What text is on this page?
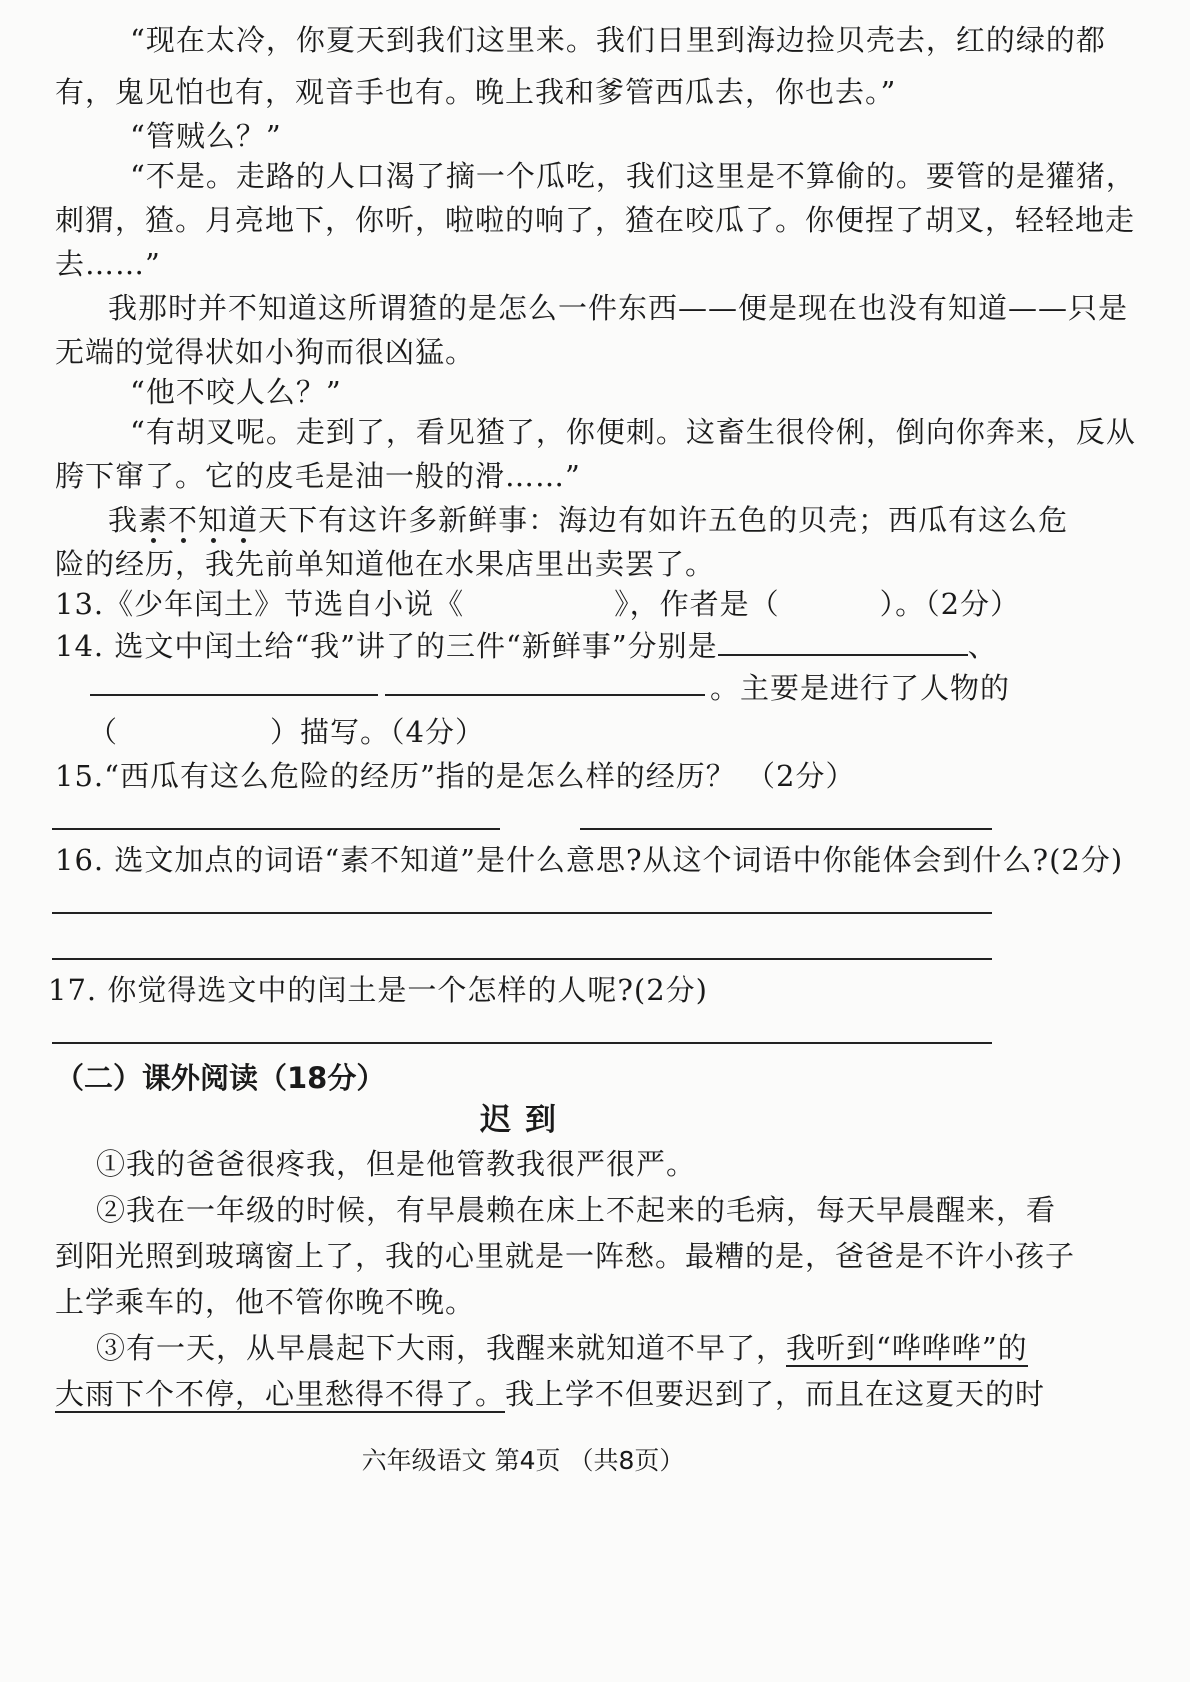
“现在太冷，你夏天到我们这里来。我们日里到海边捡贝壳去，红的绿的都
有，鬼见怕也有，观音手也有。晚上我和爹管西瓜去，你也去。”
“管贼么？”
“不是。走路的人口渴了摘一个瓜吃，我们这里是不算偷的。要管的是獾猪，
刺猬，猹。月亮地下，你听，啦啦的响了，猹在咬瓜了。你便捏了胡叉，轻轻地走
去……”
我那时并不知道这所谓猹的是怎么一件东西——便是现在也没有知道——只是
无端的觉得状如小狗而很凶猛。
“他不咬人么？”
“有胡叉呢。走到了，看见猹了，你便刺。这畜生很伶俐，倒向你奔来，反从
胯下窜了。它的皮毛是油一般的滑……”
我素不知道天下有这许多新鲜事：海边有如许五色的贝壳；西瓜有这么危
险的经历，我先前单知道他在水果店里出卖罢了。
13.《少年闰土》节选自小说《	》，作者是（	）。（2分）
14. 选文中闰土给“我”讲了的三件“新鲜事”分别是	、
。主要是进行了人物的
（	）描写。（4分）
15.“西瓜有这么危险的经历”指的是怎么样的经历？ （2分）
16. 选文加点的词语“素不知道”是什么意思?从这个词语中你能体会到什么?(2分)
17. 你觉得选文中的闰土是一个怎样的人呢?(2分)
（二）课外阅读（18分）
迟到
①我的爸爸很疼我，但是他管教我很严很严。
②我在一年级的时候，有早晨赖在床上不起来的毛病，每天早晨醒来，看
到阳光照到玻璃窗上了，我的心里就是一阵愁。最糟的是，爸爸是不许小孩子
上学乘车的，他不管你晚不晚。
③有一天，从早晨起下大雨，我醒来就知道不早了，我听到“哗哗哗”的
大雨下个不停，心里愁得不得了。我上学不但要迟到了，而且在这夏天的时
六年级语文 第4页 （共8页）
